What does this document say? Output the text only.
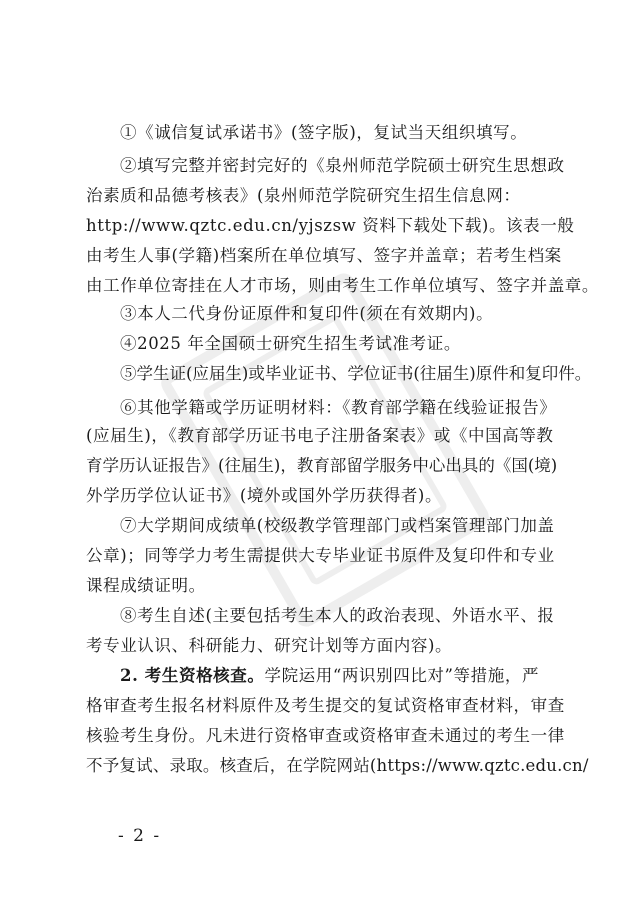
①《诚信复试承诺书》(签字版)，复试当天组织填写。
②填写完整并密封完好的《泉州师范学院硕士研究生思想政
治素质和品德考核表》(泉州师范学院研究生招生信息网：
http://www.qztc.edu.cn/yjszsw 资料下载处下载)。该表一般
由考生人事(学籍)档案所在单位填写、签字并盖章；若考生档案
由工作单位寄挂在人才市场，则由考生工作单位填写、签字并盖章。
③本人二代身份证原件和复印件(须在有效期内)。
④2025 年全国硕士研究生招生考试准考证。
⑤学生证(应届生)或毕业证书、学位证书(往届生)原件和复印件。
⑥其他学籍或学历证明材料：《教育部学籍在线验证报告》
(应届生)，《教育部学历证书电子注册备案表》或《中国高等教
育学历认证报告》(往届生)，教育部留学服务中心出具的《国(境)
外学历学位认证书》(境外或国外学历获得者)。
⑦大学期间成绩单(校级教学管理部门或档案管理部门加盖
公章)；同等学力考生需提供大专毕业证书原件及复印件和专业
课程成绩证明。
⑧考生自述(主要包括考生本人的政治表现、外语水平、报
考专业认识、科研能力、研究计划等方面内容)。
2. 考生资格核查。学院运用“两识别四比对”等措施，严
格审查考生报名材料原件及考生提交的复试资格审查材料，审查
核验考生身份。凡未进行资格审查或资格审查未通过的考生一律
不予复试、录取。核查后，在学院网站(https://www.qztc.edu.cn/
- 2 -
